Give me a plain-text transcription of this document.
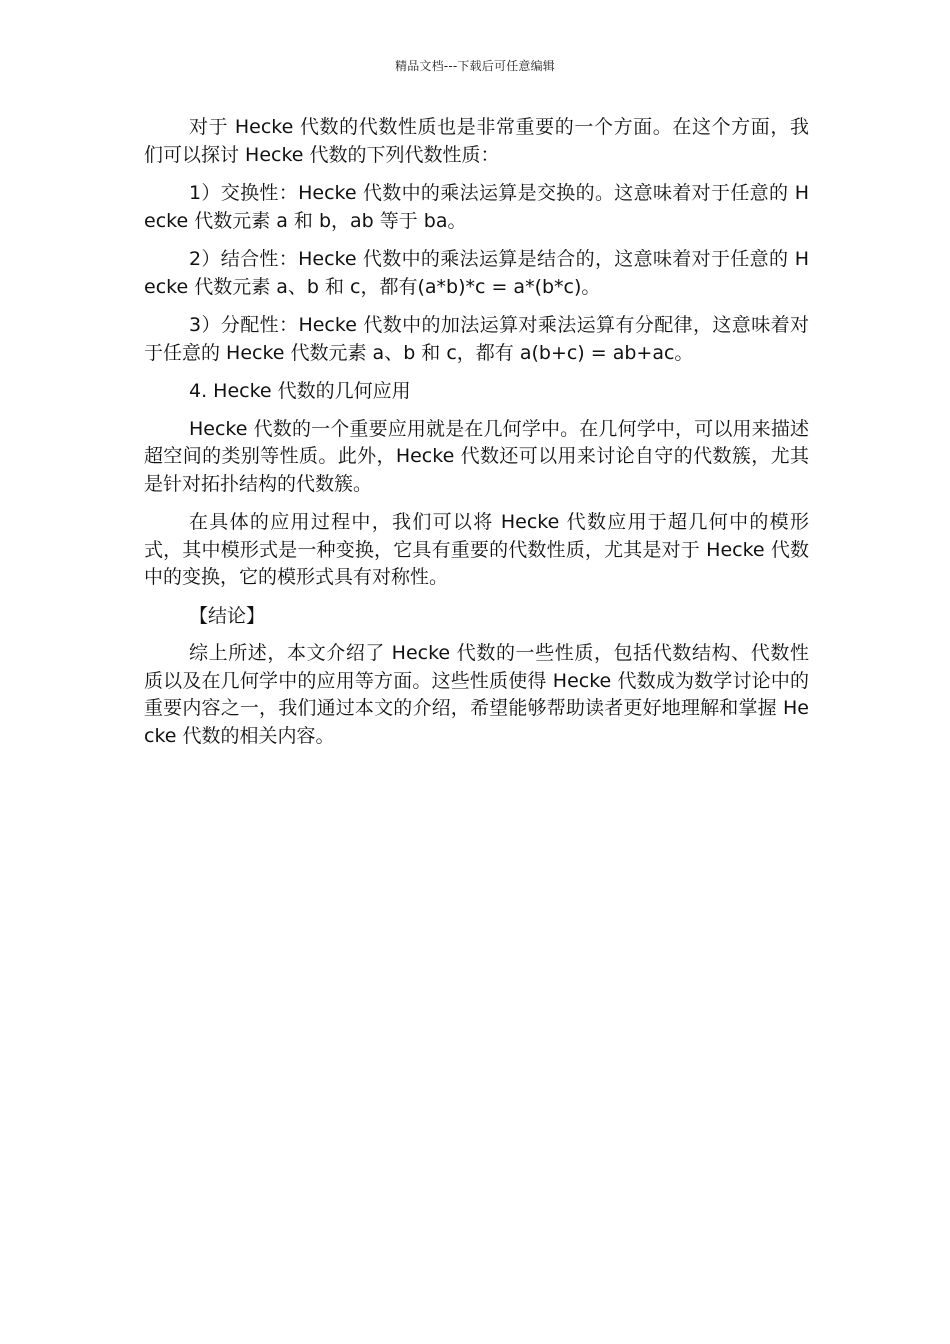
精品文档---下载后可任意编辑

对于 Hecke 代数的代数性质也是非常重要的一个方面。在这个方面，我们可以探讨 Hecke 代数的下列代数性质：

1）交换性：Hecke 代数中的乘法运算是交换的。这意味着对于任意的 Hecke 代数元素 a 和 b，ab 等于 ba。

2）结合性：Hecke 代数中的乘法运算是结合的，这意味着对于任意的 Hecke 代数元素 a、b 和 c，都有(a*b)*c = a*(b*c)。

3）分配性：Hecke 代数中的加法运算对乘法运算有分配律，这意味着对于任意的 Hecke 代数元素 a、b 和 c，都有 a(b+c) = ab+ac。

4. Hecke 代数的几何应用

Hecke 代数的一个重要应用就是在几何学中。在几何学中，可以用来描述超空间的类别等性质。此外，Hecke 代数还可以用来讨论自守的代数簇，尤其是针对拓扑结构的代数簇。

在具体的应用过程中，我们可以将 Hecke 代数应用于超几何中的模形式，其中模形式是一种变换，它具有重要的代数性质，尤其是对于 Hecke 代数中的变换，它的模形式具有对称性。

【结论】

综上所述，本文介绍了 Hecke 代数的一些性质，包括代数结构、代数性质以及在几何学中的应用等方面。这些性质使得 Hecke 代数成为数学讨论中的重要内容之一，我们通过本文的介绍，希望能够帮助读者更好地理解和掌握 Hecke 代数的相关内容。
